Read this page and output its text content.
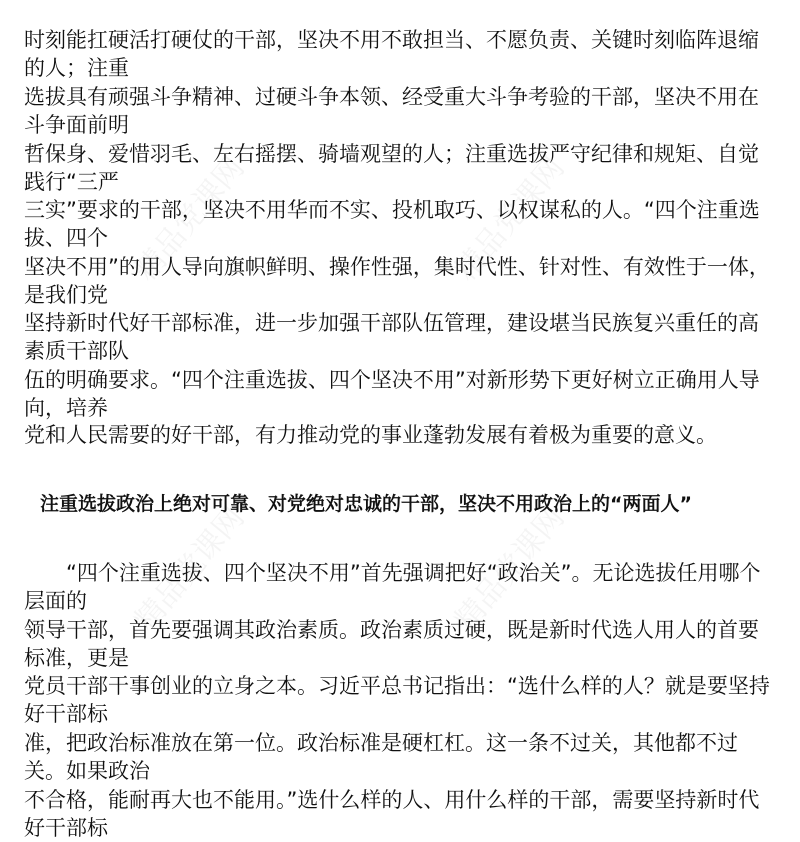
精品党课网	精品党课网
精品党课网	精品党课网
时刻能扛硬活打硬仗的干部，坚决不用不敢担当、不愿负责、关键时刻临阵退缩的人；注重
选拔具有顽强斗争精神、过硬斗争本领、经受重大斗争考验的干部，坚决不用在斗争面前明
哲保身、爱惜羽毛、左右摇摆、骑墙观望的人；注重选拔严守纪律和规矩、自觉践行“三严
三实”要求的干部，坚决不用华而不实、投机取巧、以权谋私的人。“四个注重选拔、四个
坚决不用”的用人导向旗帜鲜明、操作性强，集时代性、针对性、有效性于一体，是我们党
坚持新时代好干部标准，进一步加强干部队伍管理，建设堪当民族复兴重任的高素质干部队
伍的明确要求。“四个注重选拔、四个坚决不用”对新形势下更好树立正确用人导向，培养
党和人民需要的好干部，有力推动党的事业蓬勃发展有着极为重要的意义。
注重选拔政治上绝对可靠、对党绝对忠诚的干部，坚决不用政治上的“两面人”
　　“四个注重选拔、四个坚决不用”首先强调把好“政治关”。无论选拔任用哪个层面的
领导干部，首先要强调其政治素质。政治素质过硬，既是新时代选人用人的首要标准，更是
党员干部干事创业的立身之本。习近平总书记指出：“选什么样的人？就是要坚持好干部标
准，把政治标准放在第一位。政治标准是硬杠杠。这一条不过关，其他都不过关。如果政治
不合格，能耐再大也不能用。”选什么样的人、用什么样的干部，需要坚持新时代好干部标
